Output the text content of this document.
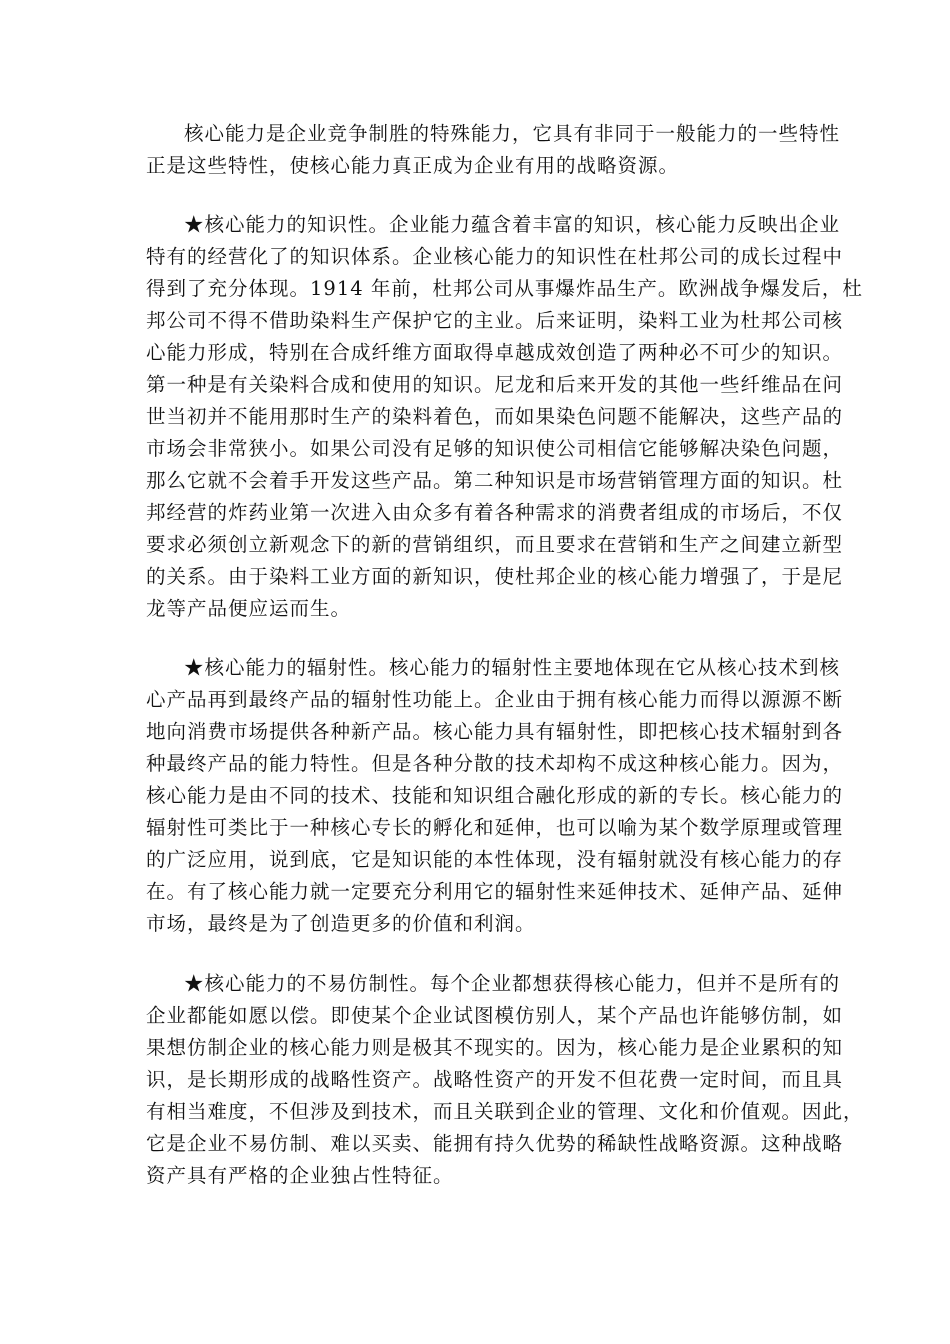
核心能力是企业竞争制胜的特殊能力，它具有非同于一般能力的一些特性
正是这些特性，使核心能力真正成为企业有用的战略资源。
★核心能力的知识性。企业能力蕴含着丰富的知识，核心能力反映出企业
特有的经营化了的知识体系。企业核心能力的知识性在杜邦公司的成长过程中
得到了充分体现。1914 年前，杜邦公司从事爆炸品生产。欧洲战争爆发后，杜
邦公司不得不借助染料生产保护它的主业。后来证明，染料工业为杜邦公司核
心能力形成，特别在合成纤维方面取得卓越成效创造了两种必不可少的知识。
第一种是有关染料合成和使用的知识。尼龙和后来开发的其他一些纤维品在问
世当初并不能用那时生产的染料着色，而如果染色问题不能解决，这些产品的
市场会非常狭小。如果公司没有足够的知识使公司相信它能够解决染色问题，
那么它就不会着手开发这些产品。第二种知识是市场营销管理方面的知识。杜
邦经营的炸药业第一次进入由众多有着各种需求的消费者组成的市场后，不仅
要求必须创立新观念下的新的营销组织，而且要求在营销和生产之间建立新型
的关系。由于染料工业方面的新知识，使杜邦企业的核心能力增强了，于是尼
龙等产品便应运而生。
★核心能力的辐射性。核心能力的辐射性主要地体现在它从核心技术到核
心产品再到最终产品的辐射性功能上。企业由于拥有核心能力而得以源源不断
地向消费市场提供各种新产品。核心能力具有辐射性，即把核心技术辐射到各
种最终产品的能力特性。但是各种分散的技术却构不成这种核心能力。因为，
核心能力是由不同的技术、技能和知识组合融化形成的新的专长。核心能力的
辐射性可类比于一种核心专长的孵化和延伸，也可以喻为某个数学原理或管理
的广泛应用，说到底，它是知识能的本性体现，没有辐射就没有核心能力的存
在。有了核心能力就一定要充分利用它的辐射性来延伸技术、延伸产品、延伸
市场，最终是为了创造更多的价值和利润。
★核心能力的不易仿制性。每个企业都想获得核心能力，但并不是所有的
企业都能如愿以偿。即使某个企业试图模仿别人，某个产品也许能够仿制，如
果想仿制企业的核心能力则是极其不现实的。因为，核心能力是企业累积的知
识，是长期形成的战略性资产。战略性资产的开发不但花费一定时间，而且具
有相当难度，不但涉及到技术，而且关联到企业的管理、文化和价值观。因此，
它是企业不易仿制、难以买卖、能拥有持久优势的稀缺性战略资源。这种战略
资产具有严格的企业独占性特征。
